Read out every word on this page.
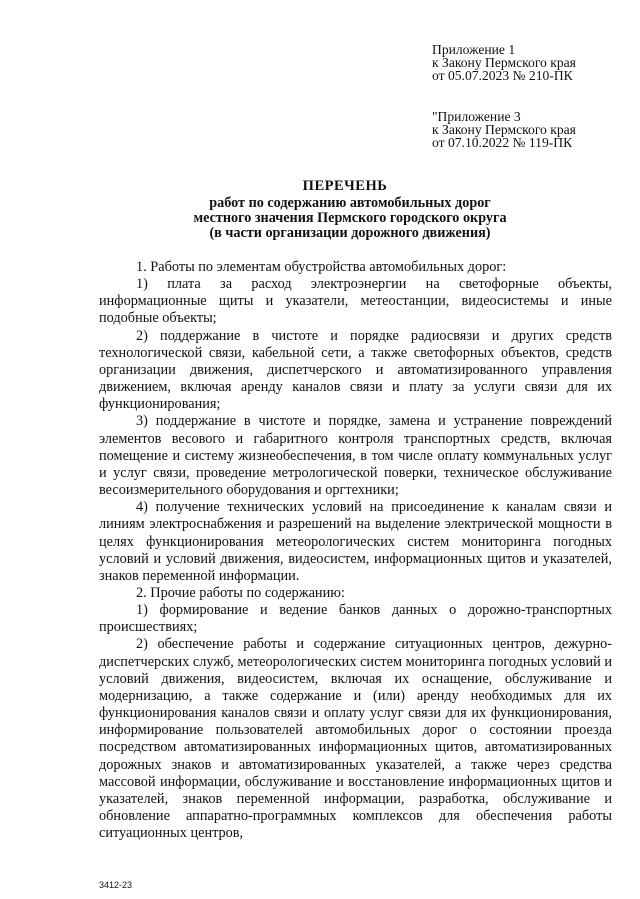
Приложение 1
к Закону Пермского края
от 05.07.2023 № 210-ПК
"Приложение 3
к Закону Пермского края
от 07.10.2022 № 119-ПК
ПЕРЕЧЕНЬ
работ по содержанию автомобильных дорог
местного значения Пермского городского округа
(в части организации дорожного движения)

1. Работы по элементам обустройства автомобильных дорог:

1) плата за расход электроэнергии на светофорные объекты, информационные щиты и указатели, метеостанции, видеосистемы и иные подобные объекты;

2) поддержание в чистоте и порядке радиосвязи и других средств технологической связи, кабельной сети, а также светофорных объектов, средств организации движения, диспетчерского и автоматизированного управления движением, включая аренду каналов связи и плату за услуги связи для их функционирования;

3) поддержание в чистоте и порядке, замена и устранение повреждений элементов весового и габаритного контроля транспортных средств, включая помещение и систему жизнеобеспечения, в том числе оплату коммунальных услуг и услуг связи, проведение метрологической поверки, техническое обслуживание весоизмерительного оборудования и оргтехники;

4) получение технических условий на присоединение к каналам связи и линиям электроснабжения и разрешений на выделение электрической мощности в целях функционирования метеорологических систем мониторинга погодных условий и условий движения, видеосистем, информационных щитов и указателей, знаков переменной информации.

2. Прочие работы по содержанию:

1) формирование и ведение банков данных о дорожно-транспортных происшествиях;

2) обеспечение работы и содержание ситуационных центров, дежурно-диспетчерских служб, метеорологических систем мониторинга погодных условий и условий движения, видеосистем, включая их оснащение, обслуживание и модернизацию, а также содержание и (или) аренду необходимых для их функционирования каналов связи и оплату услуг связи для их функционирования, информирование пользователей автомобильных дорог о состоянии проезда посредством автоматизированных информационных щитов, автоматизированных дорожных знаков и автоматизированных указателей, а также через средства массовой информации, обслуживание и восстановление информационных щитов и указателей, знаков переменной информации, разработка, обслуживание и обновление аппаратно-программных комплексов для обеспечения работы ситуационных центров,

3412-23
